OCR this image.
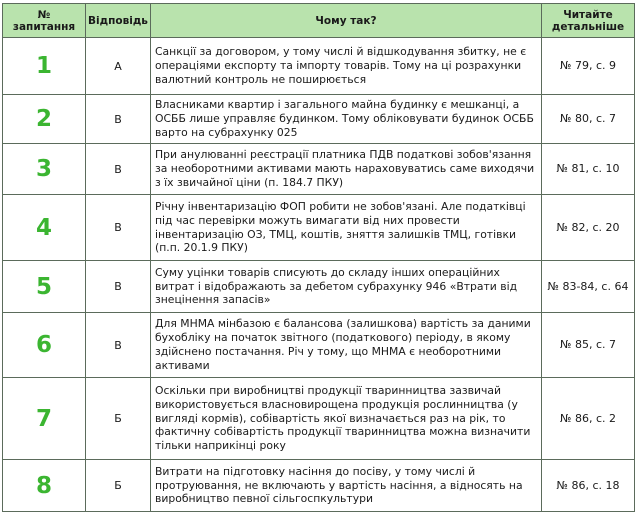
№ запитання	Відповідь	Чому так?	Читайте детальніше
1	А	Санкції за договором, у тому числі й відшкодування збитку, не є операціями експорту та імпорту товарів. Тому на ці розрахунки валютний контроль не поширюється	№ 79, с. 9
2	В	Власниками квартир і загального майна будинку є мешканці, а ОСББ лише управляє будинком. Тому обліковувати будинок ОСББ варто на субрахунку 025	№ 80, с. 7
3	В	При анулюванні реєстрації платника ПДВ податкові зобов'язання за необоротними активами мають нараховуватись саме виходячи з їх звичайної ціни (п. 184.7 ПКУ)	№ 81, с. 10
4	В	Річну інвентаризацію ФОП робити не зобов'язані. Але податківці під час перевірки можуть вимагати від них провести інвентаризацію ОЗ, ТМЦ, коштів, зняття залишків ТМЦ, готівки (п.п. 20.1.9 ПКУ)	№ 82, с. 20
5	В	Суму уцінки товарів списують до складу інших операційних витрат і відображають за дебетом субрахунку 946 «Втрати від знецінення запасів»	№ 83-84, с. 64
6	В	Для МНМА мінбазою є балансова (залишкова) вартість за даними бухобліку на початок звітного (податкового) періоду, в якому здійснено постачання. Річ у тому, що МНМА є необоротними активами	№ 85, с. 7
7	Б	Оскільки при виробництві продукції тваринництва зазвичай використовується власновирощена продукція рослинництва (у вигляді кормів), собівартість якої визначається раз на рік, то фактичну собівартість продукції тваринництва можна визначити тільки наприкінці року	№ 86, с. 2
8	Б	Витрати на підготовку насіння до посіву, у тому числі й протруювання, не включають у вартість насіння, а відносять на виробництво певної сільгоспкультури	№ 86, с. 18
